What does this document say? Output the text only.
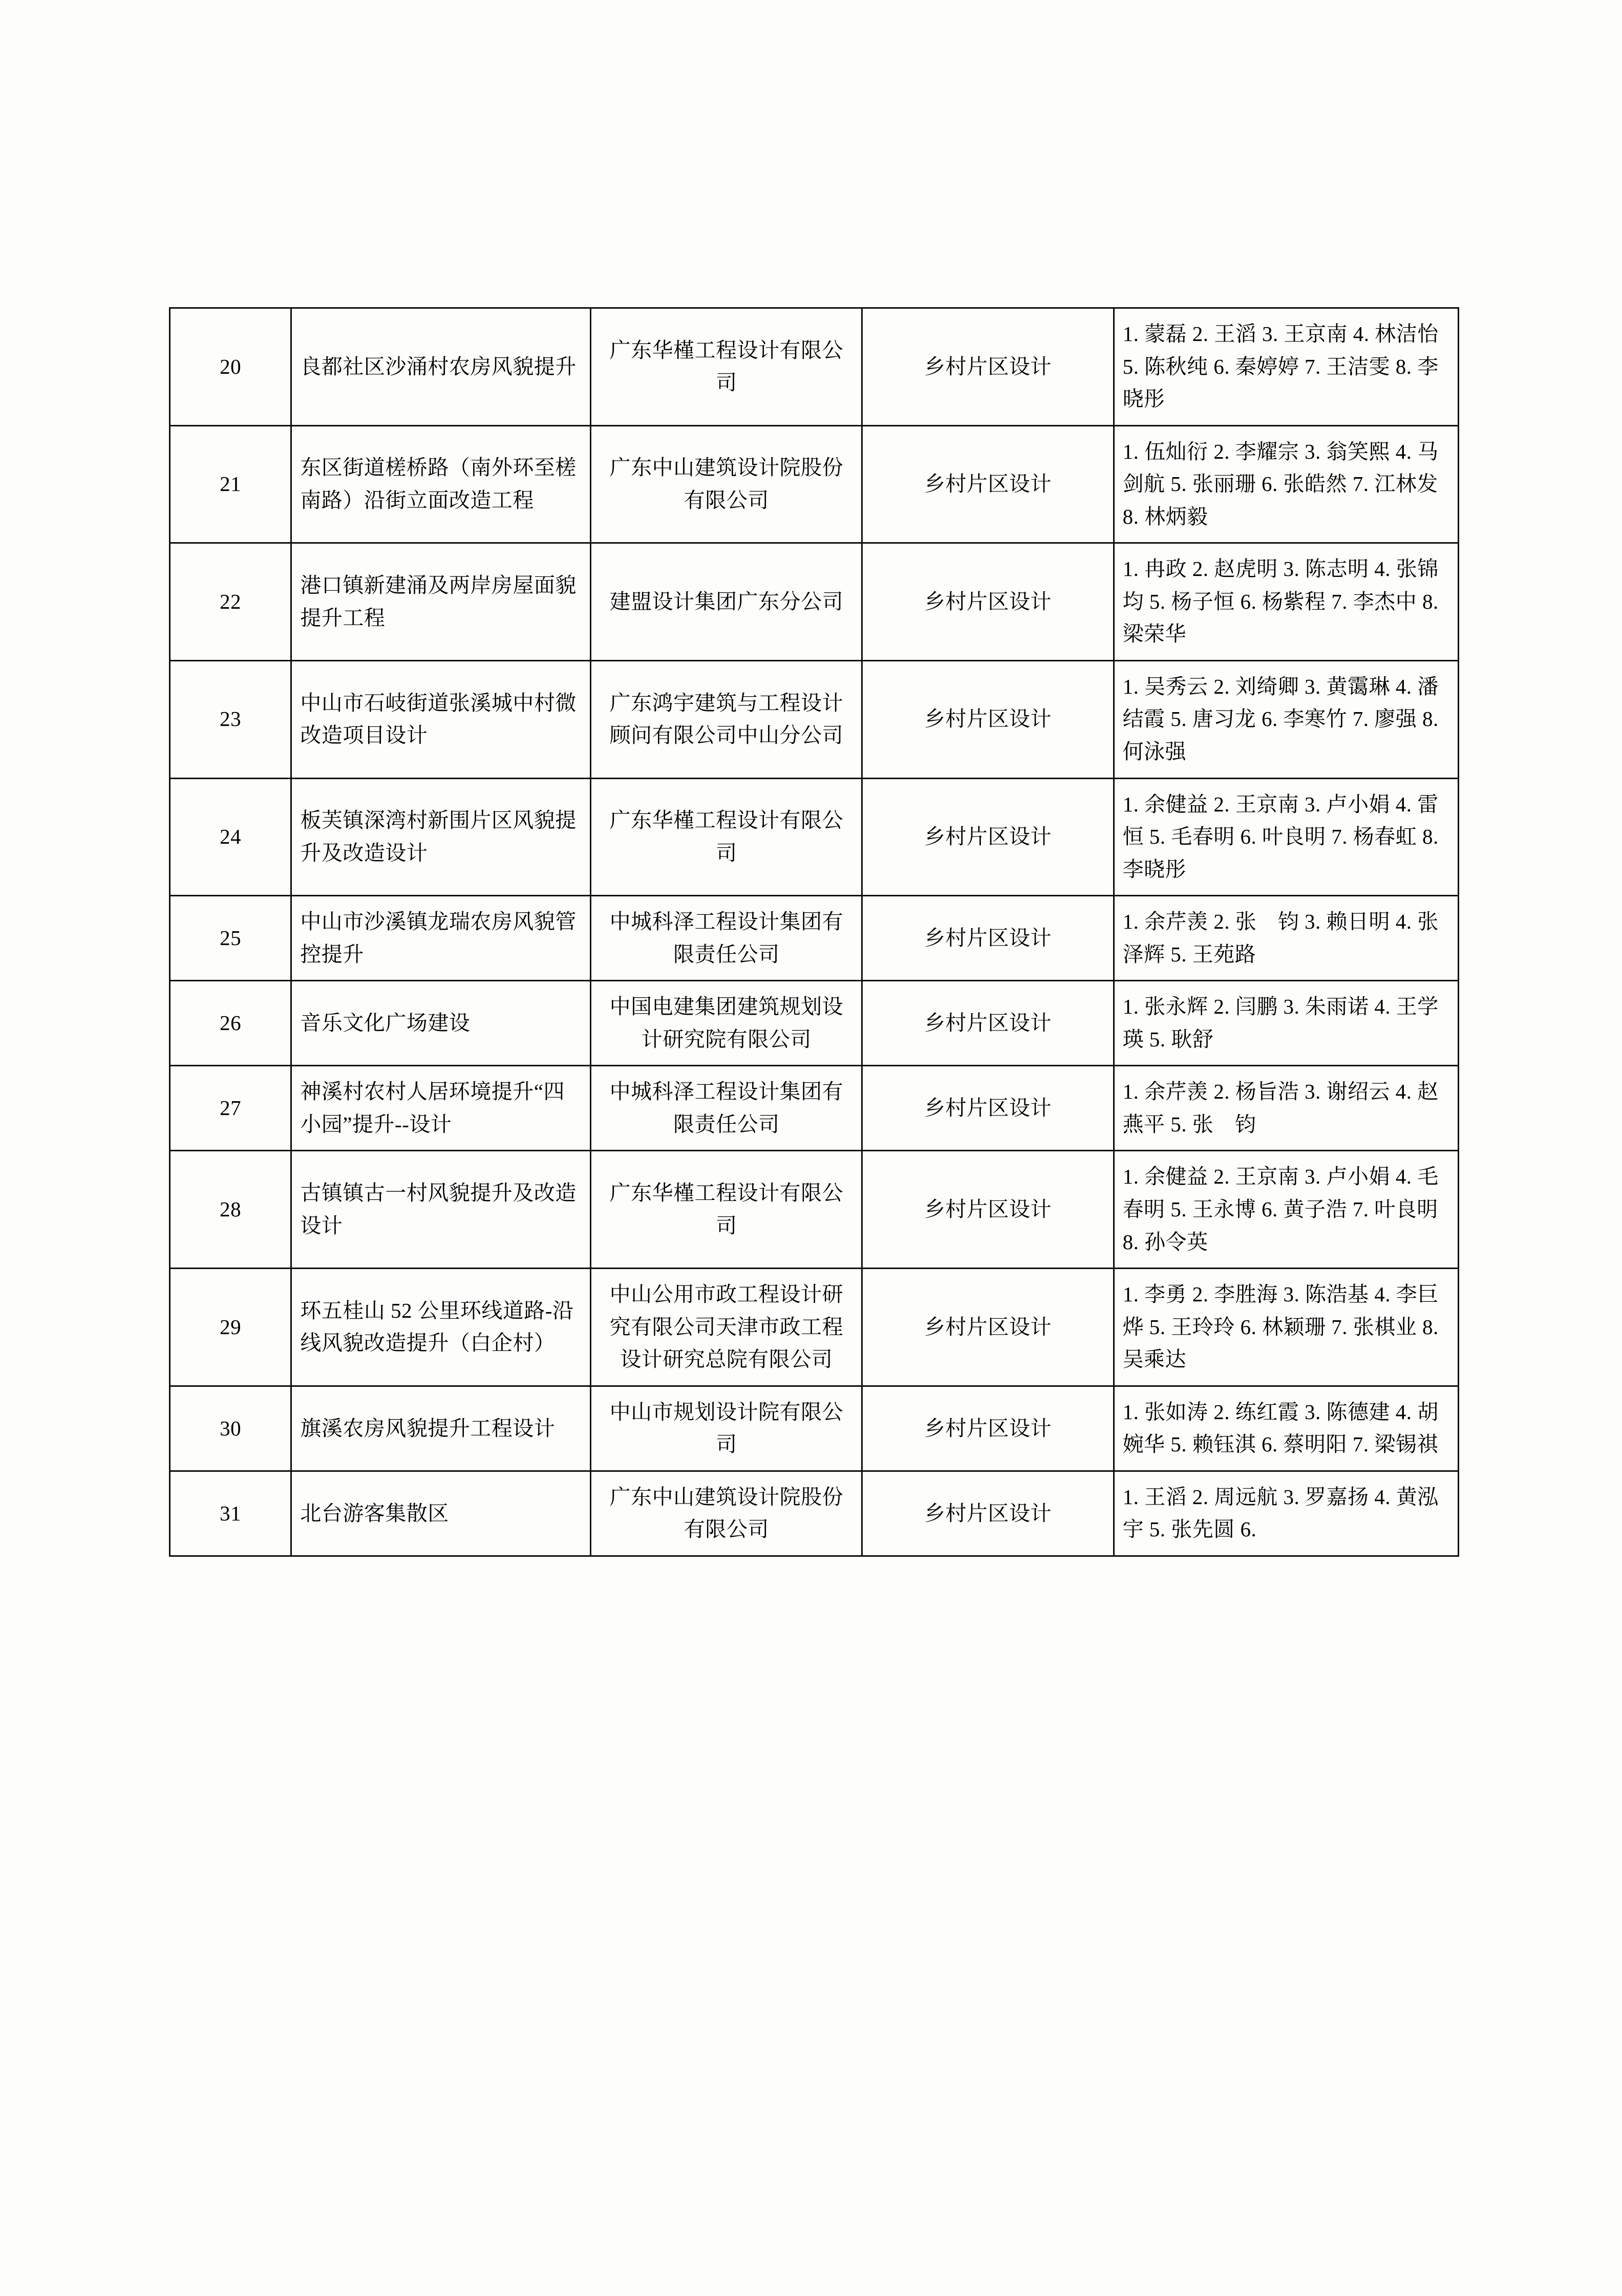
20	良都社区沙涌村农房风貌提升	广东华槿工程设计有限公司	乡村片区设计	1. 蒙磊 2. 王滔 3. 王京南 4. 林洁怡 5. 陈秋纯 6. 秦婷婷 7. 王洁雯 8. 李晓彤
21	东区街道槎桥路（南外环至槎南路）沿街立面改造工程	广东中山建筑设计院股份有限公司	乡村片区设计	1. 伍灿衍 2. 李耀宗 3. 翁笑熙 4. 马剑航 5. 张丽珊 6. 张皓然 7. 江林发 8. 林炳毅
22	港口镇新建涌及两岸房屋面貌提升工程	建盟设计集团广东分公司	乡村片区设计	1. 冉政 2. 赵虎明 3. 陈志明 4. 张锦均 5. 杨子恒 6. 杨紫程 7. 李杰中 8. 梁荣华
23	中山市石岐街道张溪城中村微改造项目设计	广东鸿宇建筑与工程设计顾问有限公司中山分公司	乡村片区设计	1. 吴秀云 2. 刘绮卿 3. 黄霭琳 4. 潘结霞 5. 唐习龙 6. 李寒竹 7. 廖强 8. 何泳强
24	板芙镇深湾村新围片区风貌提升及改造设计	广东华槿工程设计有限公司	乡村片区设计	1. 余健益 2. 王京南 3. 卢小娟 4. 雷恒 5. 毛春明 6. 叶良明 7. 杨春虹 8. 李晓彤
25	中山市沙溪镇龙瑞农房风貌管控提升	中城科泽工程设计集团有限责任公司	乡村片区设计	1. 余芹羡 2. 张　钧 3. 赖日明 4. 张泽辉 5. 王苑路
26	音乐文化广场建设	中国电建集团建筑规划设计研究院有限公司	乡村片区设计	1. 张永辉 2. 闫鹏 3. 朱雨诺 4. 王学瑛 5. 耿舒
27	神溪村农村人居环境提升“四小园”提升--设计	中城科泽工程设计集团有限责任公司	乡村片区设计	1. 余芹羡 2. 杨旨浩 3. 谢绍云 4. 赵燕平 5. 张　钧
28	古镇镇古一村风貌提升及改造设计	广东华槿工程设计有限公司	乡村片区设计	1. 余健益 2. 王京南 3. 卢小娟 4. 毛春明 5. 王永博 6. 黄子浩 7. 叶良明 8. 孙令英
29	环五桂山 52 公里环线道路-沿线风貌改造提升（白企村）	中山公用市政工程设计研究有限公司天津市政工程设计研究总院有限公司	乡村片区设计	1. 李勇 2. 李胜海 3. 陈浩基 4. 李巨烨 5. 王玲玲 6. 林颖珊 7. 张棋业 8. 吴乘达
30	旗溪农房风貌提升工程设计	中山市规划设计院有限公司	乡村片区设计	1. 张如涛 2. 练红霞 3. 陈德建 4. 胡婉华 5. 赖钰淇 6. 蔡明阳 7. 梁锡祺
31	北台游客集散区	广东中山建筑设计院股份有限公司	乡村片区设计	1. 王滔 2. 周远航 3. 罗嘉扬 4. 黄泓宇 5. 张先圆 6.
